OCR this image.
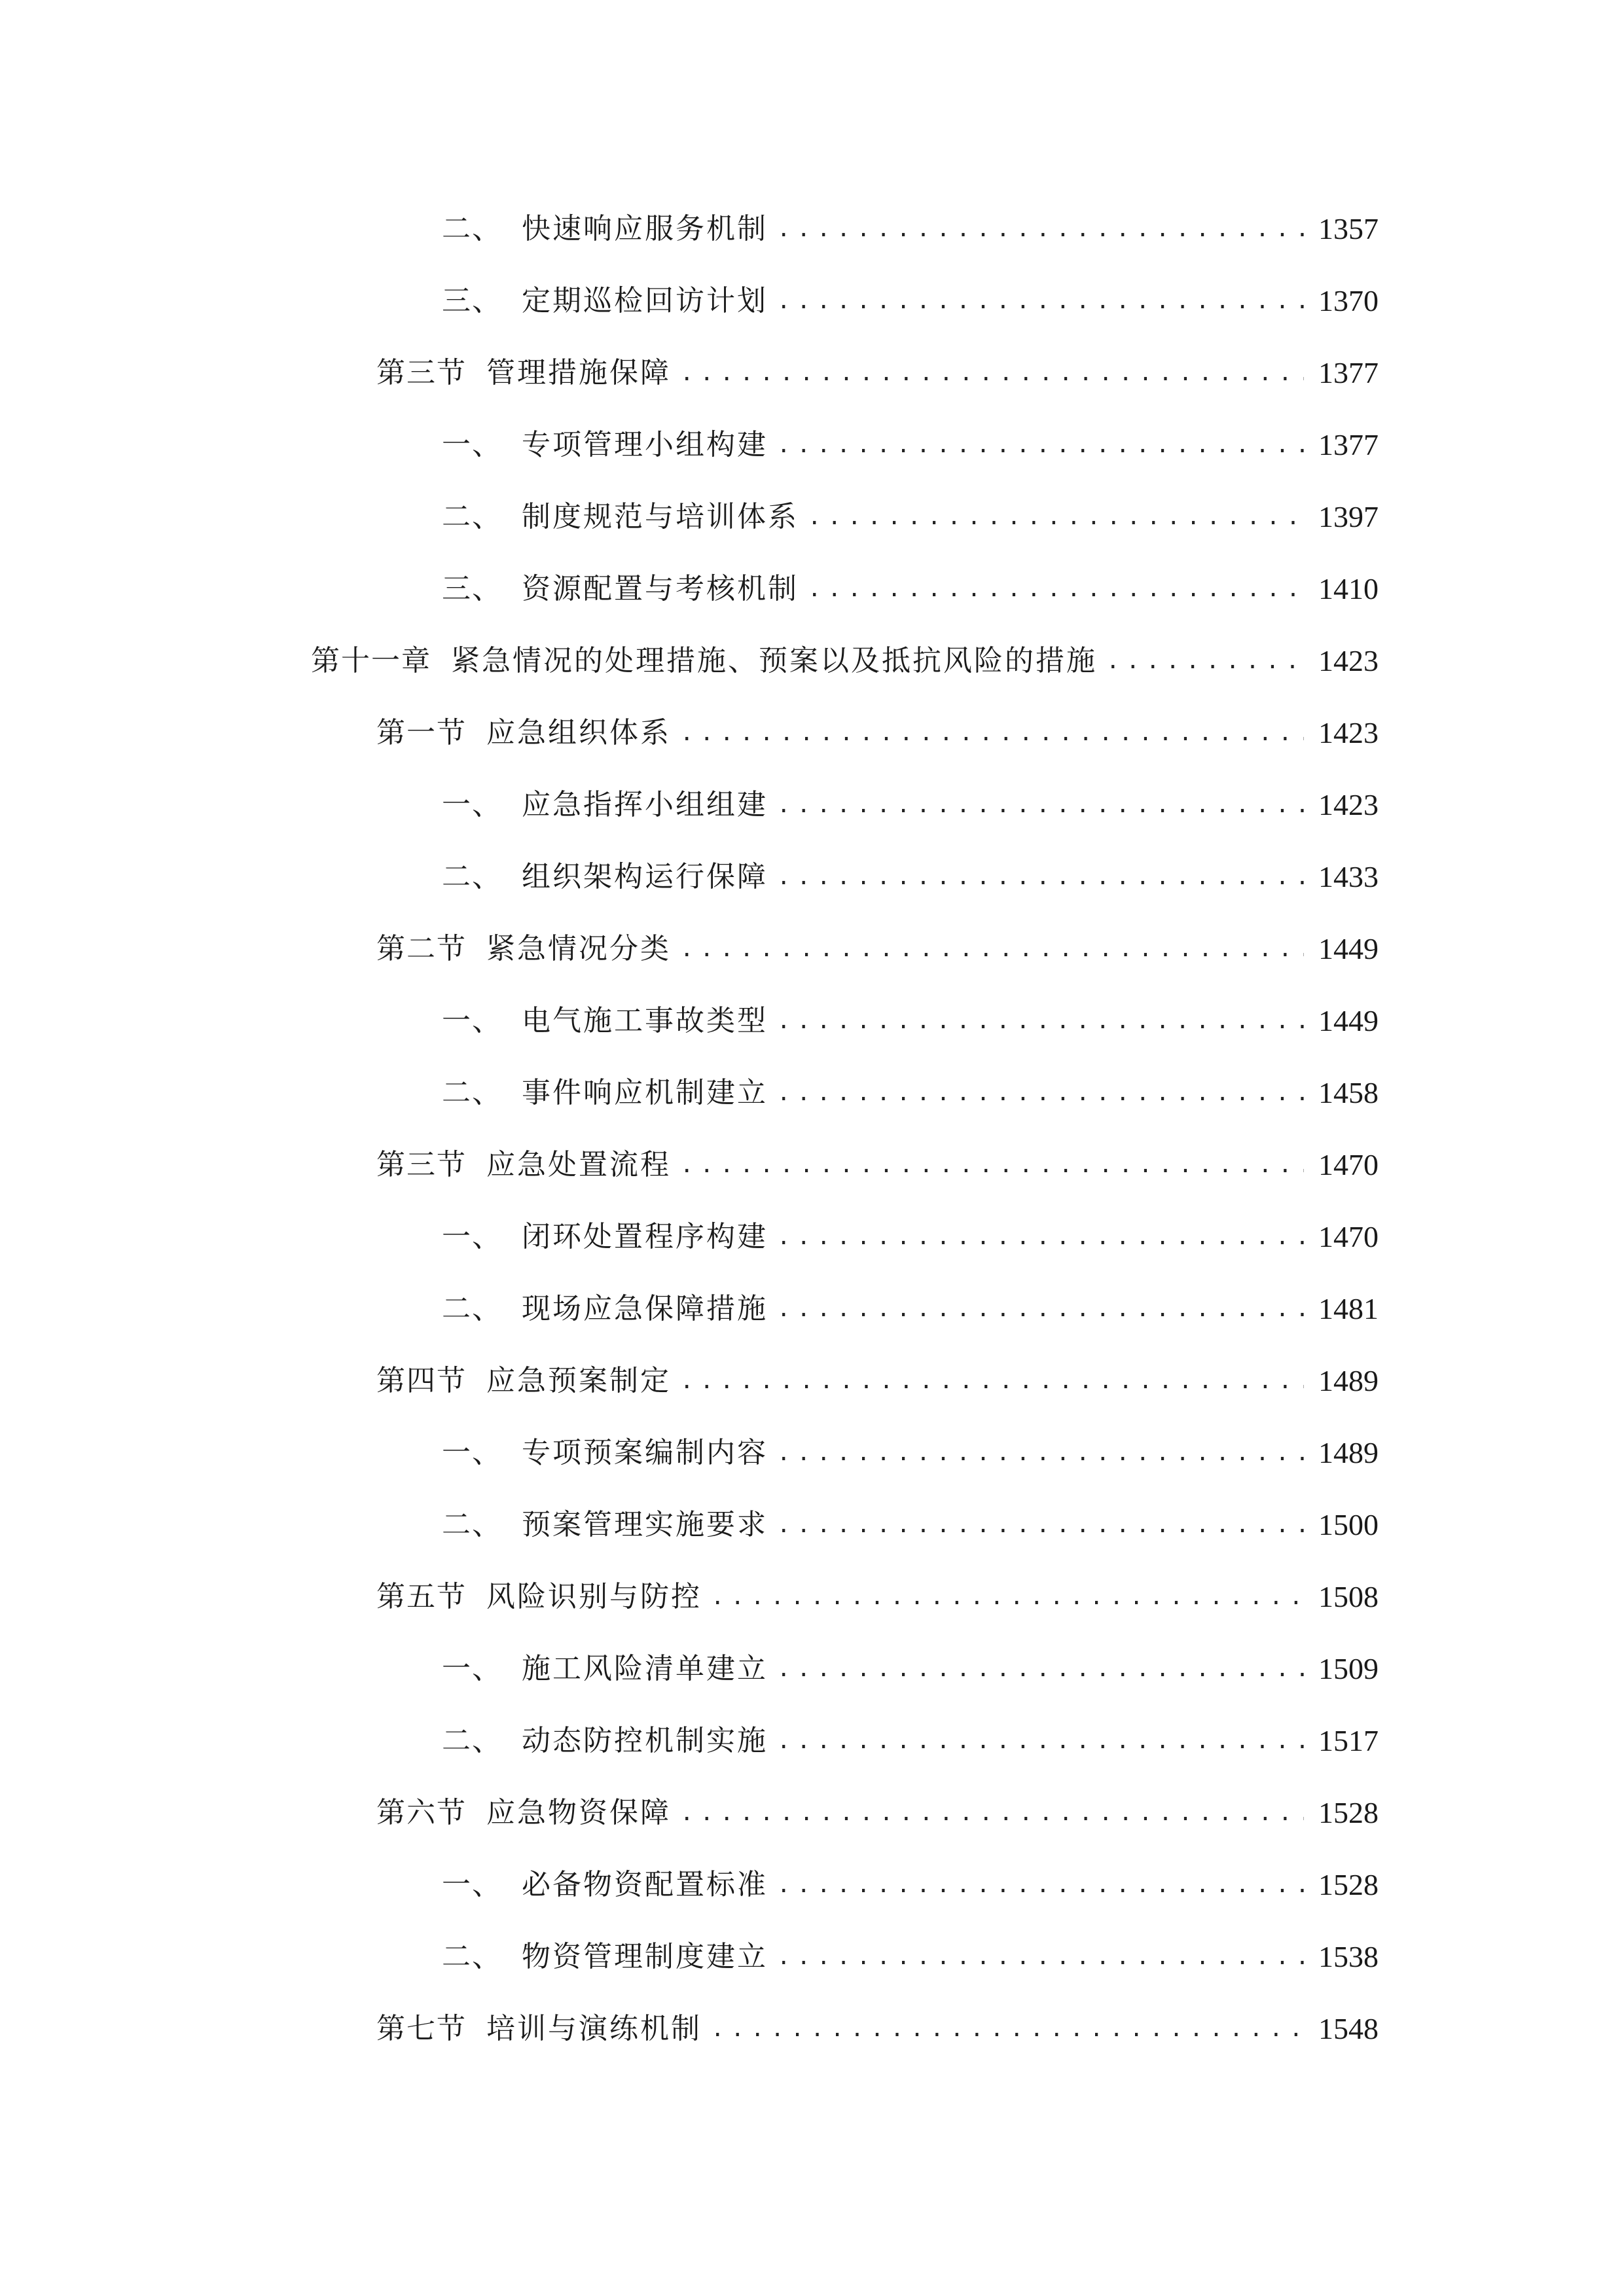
二、 快速响应服务机制 .....	1357
三、 定期巡检回访计划 .....	1370
第三节 管理措施保障 .....	1377
一、 专项管理小组构建 .....	1377
二、 制度规范与培训体系 .....	1397
三、 资源配置与考核机制 .....	1410
第十一章 紧急情况的处理措施、预案以及抵抗风险的措施 .....	1423
第一节 应急组织体系 .....	1423
一、 应急指挥小组组建 .....	1423
二、 组织架构运行保障 .....	1433
第二节 紧急情况分类 .....	1449
一、 电气施工事故类型 .....	1449
二、 事件响应机制建立 .....	1458
第三节 应急处置流程 .....	1470
一、 闭环处置程序构建 .....	1470
二、 现场应急保障措施 .....	1481
第四节 应急预案制定 .....	1489
一、 专项预案编制内容 .....	1489
二、 预案管理实施要求 .....	1500
第五节 风险识别与防控 .....	1508
一、 施工风险清单建立 .....	1509
二、 动态防控机制实施 .....	1517
第六节 应急物资保障 .....	1528
一、 必备物资配置标准 .....	1528
二、 物资管理制度建立 .....	1538
第七节 培训与演练机制 .....	1548
